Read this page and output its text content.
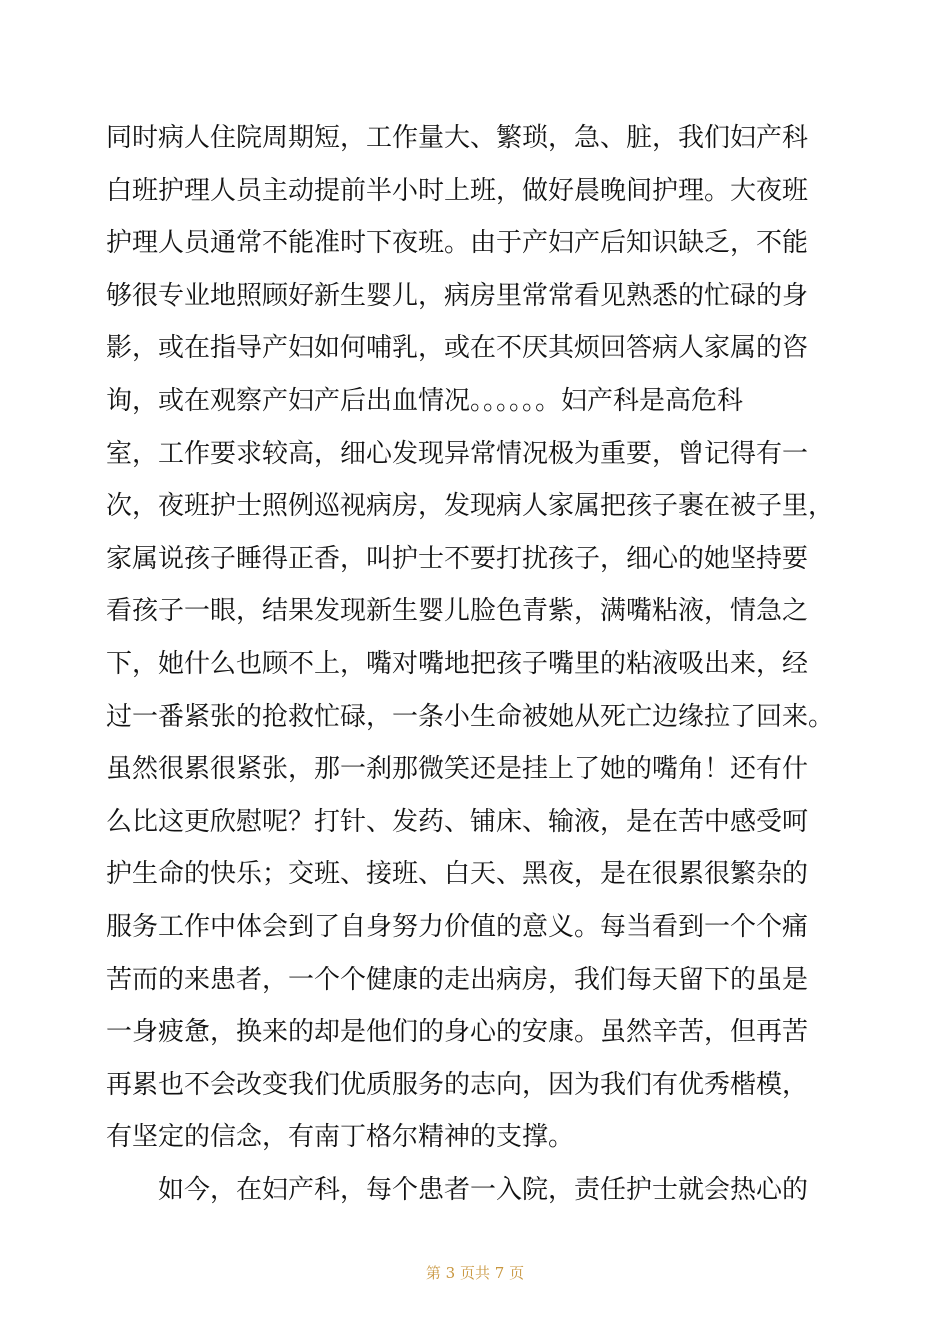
同时病人住院周期短，工作量大、繁琐，急、脏，我们妇产科
白班护理人员主动提前半小时上班，做好晨晚间护理。大夜班
护理人员通常不能准时下夜班。由于产妇产后知识缺乏，不能
够很专业地照顾好新生婴儿，病房里常常看见熟悉的忙碌的身
影，或在指导产妇如何哺乳，或在不厌其烦回答病人家属的咨
询，或在观察产妇产后出血情况。。。。。。妇产科是高危科
室，工作要求较高，细心发现异常情况极为重要，曾记得有一
次，夜班护士照例巡视病房，发现病人家属把孩子裹在被子里，
家属说孩子睡得正香，叫护士不要打扰孩子，细心的她坚持要
看孩子一眼，结果发现新生婴儿脸色青紫，满嘴粘液，情急之
下，她什么也顾不上，嘴对嘴地把孩子嘴里的粘液吸出来，经
过一番紧张的抢救忙碌，一条小生命被她从死亡边缘拉了回来。
虽然很累很紧张，那一刹那微笑还是挂上了她的嘴角！还有什
么比这更欣慰呢？打针、发药、铺床、输液，是在苦中感受呵
护生命的快乐；交班、接班、白天、黑夜，是在很累很繁杂的
服务工作中体会到了自身努力价值的意义。每当看到一个个痛
苦而的来患者，一个个健康的走出病房，我们每天留下的虽是
一身疲惫，换来的却是他们的身心的安康。虽然辛苦，但再苦
再累也不会改变我们优质服务的志向，因为我们有优秀楷模，
有坚定的信念，有南丁格尔精神的支撑。
如今，在妇产科，每个患者一入院，责任护士就会热心的
第 3 页共 7 页
